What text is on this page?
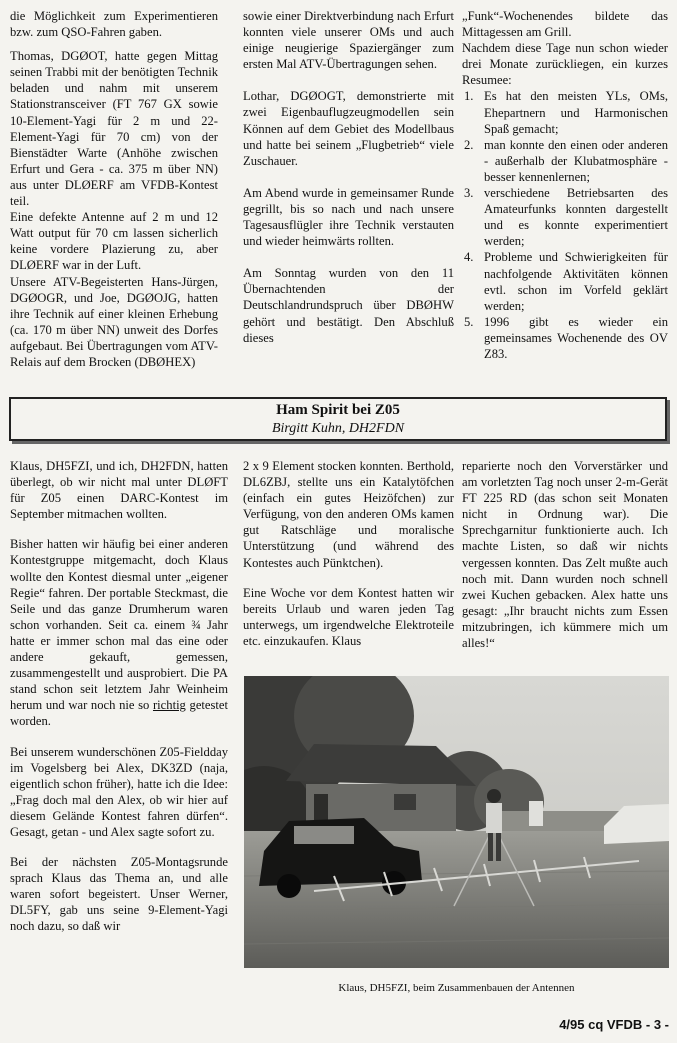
die Möglichkeit zum Experimentieren bzw. zum QSO-Fahren gaben.

Thomas, DGØOT, hatte gegen Mittag seinen Trabbi mit der benötigten Technik beladen und nahm mit unserem Stationstransceiver (FT 767 GX sowie 10-Element-Yagi für 2 m und 22-Element-Yagi für 70 cm) von der Bienstädter Warte (Anhöhe zwischen Erfurt und Gera - ca. 375 m über NN) aus unter DLØERF am VFDB-Kontest teil.

Eine defekte Antenne auf 2 m und 12 Watt output für 70 cm lassen sicherlich keine vordere Plazierung zu, aber DLØERF war in der Luft.

Unsere ATV-Begeisterten Hans-Jürgen, DGØOGR, und Joe, DGØOJG, hatten ihre Technik auf einer kleinen Erhebung (ca. 170 m über NN) unweit des Dorfes aufgebaut. Bei Übertragungen vom ATV-Relais auf dem Brocken (DBØHEX)

sowie einer Direktverbindung nach Erfurt konnten viele unserer OMs und auch einige neugierige Spaziergänger zum ersten Mal ATV-Übertragungen sehen.

Lothar, DGØOGT, demonstrierte mit zwei Eigenbauflugzeugmodellen sein Können auf dem Gebiet des Modellbaus und hatte bei seinem „Flugbetrieb“ viele Zuschauer.

Am Abend wurde in gemeinsamer Runde gegrillt, bis so nach und nach unsere Tagesausflügler ihre Technik verstauten und wieder heimwärts rollten.

Am Sonntag wurden von den 11 Übernachtenden der Deutschlandrundspruch über DBØHW gehört und bestätigt. Den Abschluß dieses

„Funk“-Wochenendes bildete das Mittagessen am Grill.

Nachdem diese Tage nun schon wieder drei Monate zurückliegen, ein kurzes Resumee:

1. Es hat den meisten YLs, OMs, Ehepartnern und Harmonischen Spaß gemacht;
2. man konnte den einen oder anderen - außerhalb der Klubatmosphäre - besser kennenlernen;
3. verschiedene Betriebsarten des Amateurfunks konnten dargestellt und es konnte experimentiert werden;
4. Probleme und Schwierigkeiten für nachfolgende Aktivitäten können evtl. schon im Vorfeld geklärt werden;
5. 1996 gibt es wieder ein gemeinsames Wochenende des OV Z83.
Ham Spirit bei Z05
Birgitt Kuhn, DH2FDN

Klaus, DH5FZI, und ich, DH2FDN, hatten überlegt, ob wir nicht mal unter DLØFT für Z05 einen DARC-Kontest im September mitmachen wollten.

Bisher hatten wir häufig bei einer anderen Kontestgruppe mitgemacht, doch Klaus wollte den Kontest diesmal unter „eigener Regie“ fahren. Der portable Steckmast, die Seile und das ganze Drumherum waren schon vorhanden. Seit ca. einem ¾ Jahr hatte er immer schon mal das eine oder andere gekauft, gemessen, zusammengestellt und ausprobiert. Die PA stand schon seit letztem Jahr Weinheim herum und war noch nie so richtig getestet worden.

Bei unserem wunderschönen Z05-Fieldday im Vogelsberg bei Alex, DK3ZD (naja, eigentlich schon früher), hatte ich die Idee: „Frag doch mal den Alex, ob wir hier auf diesem Gelände Kontest fahren dürfen“. Gesagt, getan - und Alex sagte sofort zu.

Bei der nächsten Z05-Montagsrunde sprach Klaus das Thema an, und alle waren sofort begeistert. Unser Werner, DL5FY, gab uns seine 9-Element-Yagi noch dazu, so daß wir

2 x 9 Element stocken konnten. Berthold, DL6ZBJ, stellte uns ein Katalytöfchen (einfach ein gutes Heizöfchen) zur Verfügung, von den anderen OMs kamen gut Ratschläge und moralische Unterstützung (und während des Kontestes auch Pünktchen).

Eine Woche vor dem Kontest hatten wir bereits Urlaub und waren jeden Tag unterwegs, um irgendwelche Elektroteile etc. einzukaufen. Klaus

reparierte noch den Vorverstärker und am vorletzten Tag noch unser 2-m-Gerät FT 225 RD (das schon seit Monaten nicht in Ordnung war). Die Sprechgarnitur funktionierte auch. Ich machte Listen, so daß wir nichts vergessen konnten. Das Zelt mußte auch noch mit. Dann wurden noch schnell zwei Kuchen gebacken. Alex hatte uns gesagt: „Ihr braucht nichts zum Essen mitzubringen, ich kümmere mich um alles!“

Klaus, DH5FZI, beim Zusammenbauen der Antennen
4/95 cq VFDB - 3 -
